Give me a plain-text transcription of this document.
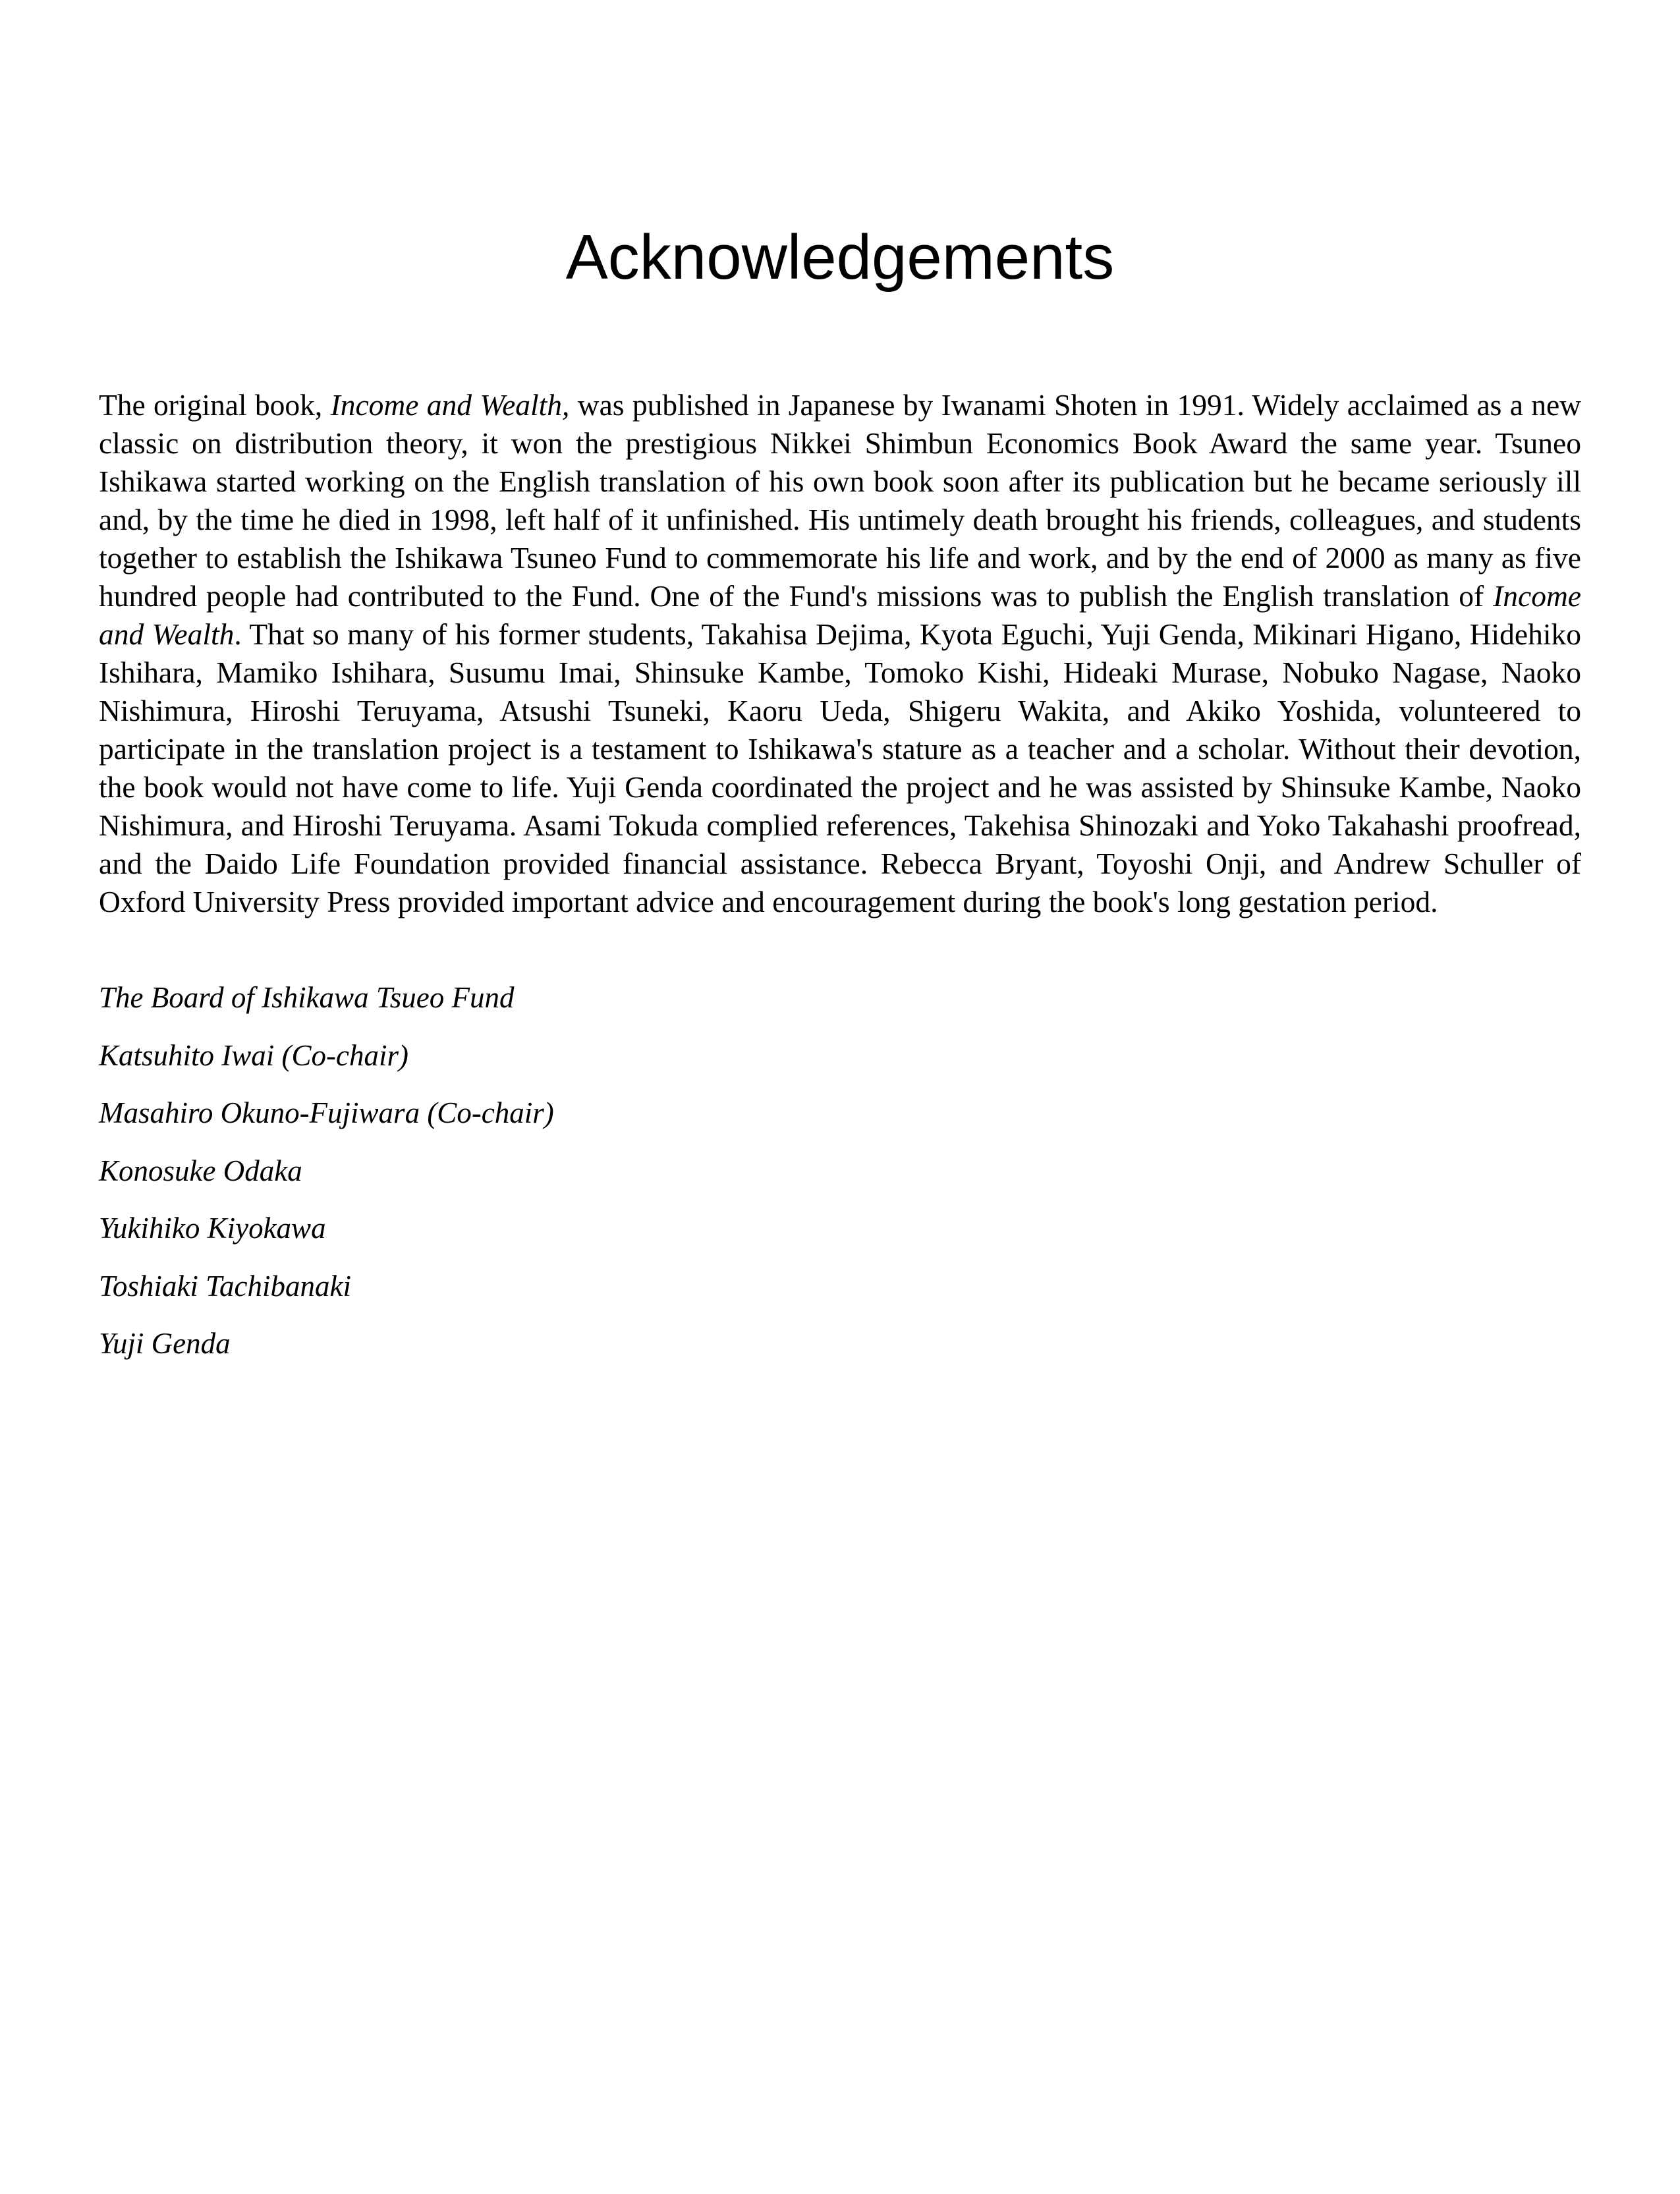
Acknowledgements

The original book, Income and Wealth, was published in Japanese by Iwanami Shoten in 1991. Widely acclaimed as a new classic on distribution theory, it won the prestigious Nikkei Shimbun Economics Book Award the same year. Tsuneo Ishikawa started working on the English translation of his own book soon after its publication but he became seriously ill and, by the time he died in 1998, left half of it unfinished. His untimely death brought his friends, colleagues, and students together to establish the Ishikawa Tsuneo Fund to commemorate his life and work, and by the end of 2000 as many as five hundred people had contributed to the Fund. One of the Fund's missions was to publish the English translation of Income and Wealth. That so many of his former students, Takahisa Dejima, Kyota Eguchi, Yuji Genda, Mikinari Higano, Hidehiko Ishihara, Mamiko Ishihara, Susumu Imai, Shinsuke Kambe, Tomoko Kishi, Hideaki Murase, Nobuko Nagase, Naoko Nishimura, Hiroshi Teruyama, Atsushi Tsuneki, Kaoru Ueda, Shigeru Wakita, and Akiko Yoshida, volunteered to participate in the translation project is a testament to Ishikawa's stature as a teacher and a scholar. Without their devotion, the book would not have come to life. Yuji Genda coordinated the project and he was assisted by Shinsuke Kambe, Naoko Nishimura, and Hiroshi Teruyama. Asami Tokuda complied references, Takehisa Shinozaki and Yoko Takahashi proofread, and the Daido Life Foundation provided financial assistance. Rebecca Bryant, Toyoshi Onji, and Andrew Schuller of Oxford University Press provided important advice and encouragement during the book's long gestation period.

The Board of Ishikawa Tsueo Fund

Katsuhito Iwai (Co-chair)

Masahiro Okuno-Fujiwara (Co-chair)

Konosuke Odaka

Yukihiko Kiyokawa

Toshiaki Tachibanaki

Yuji Genda
